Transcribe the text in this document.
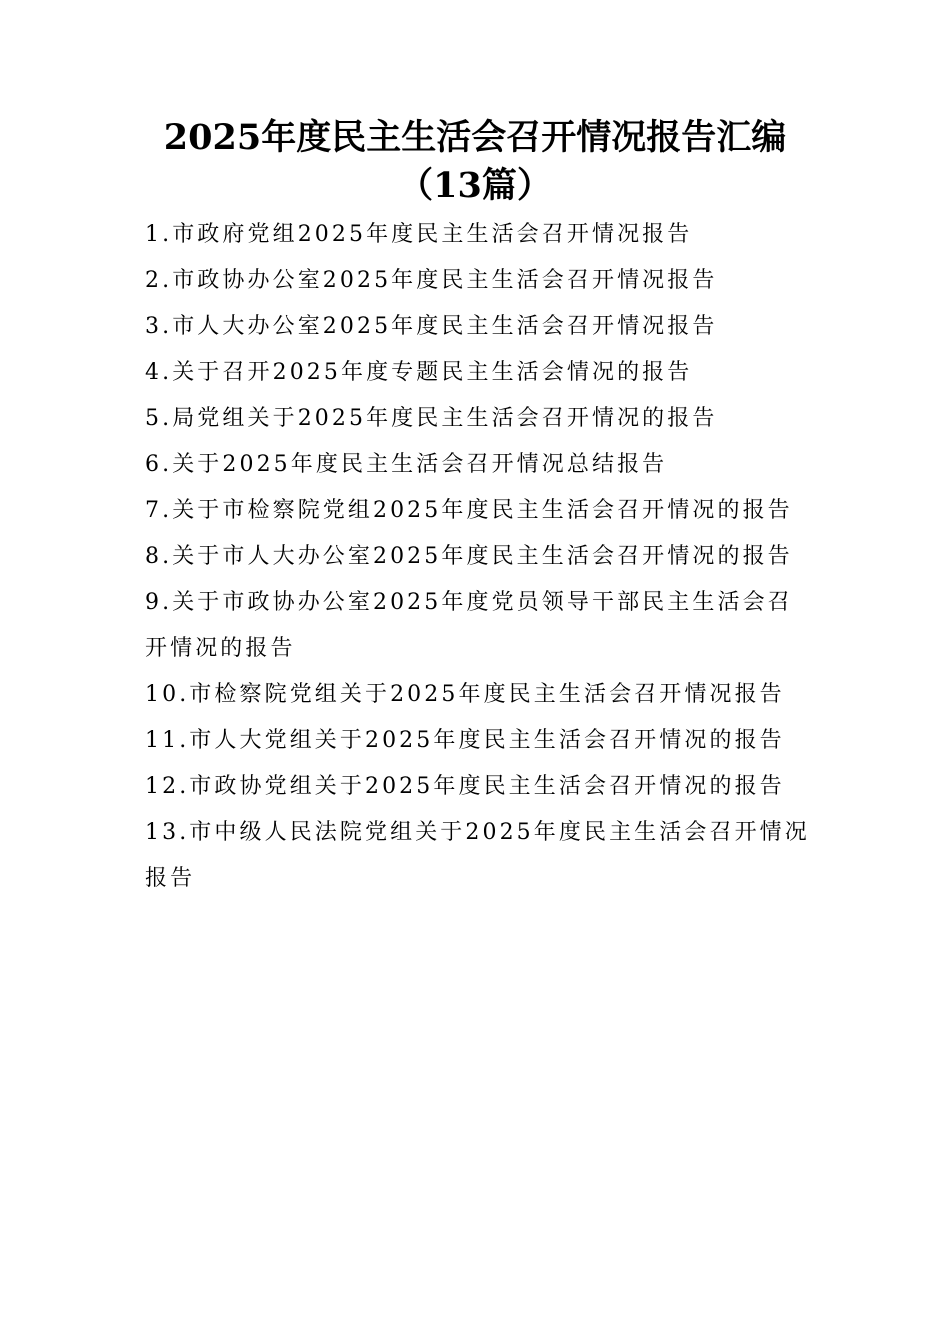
2025年度民主生活会召开情况报告汇编
（13篇）
1.市政府党组2025年度民主生活会召开情况报告
2.市政协办公室2025年度民主生活会召开情况报告
3.市人大办公室2025年度民主生活会召开情况报告
4.关于召开2025年度专题民主生活会情况的报告
5.局党组关于2025年度民主生活会召开情况的报告
6.关于2025年度民主生活会召开情况总结报告
7.关于市检察院党组2025年度民主生活会召开情况的报告
8.关于市人大办公室2025年度民主生活会召开情况的报告
9.关于市政协办公室2025年度党员领导干部民主生活会召开情况的报告
10.市检察院党组关于2025年度民主生活会召开情况报告
11.市人大党组关于2025年度民主生活会召开情况的报告
12.市政协党组关于2025年度民主生活会召开情况的报告
13.市中级人民法院党组关于2025年度民主生活会召开情况报告
